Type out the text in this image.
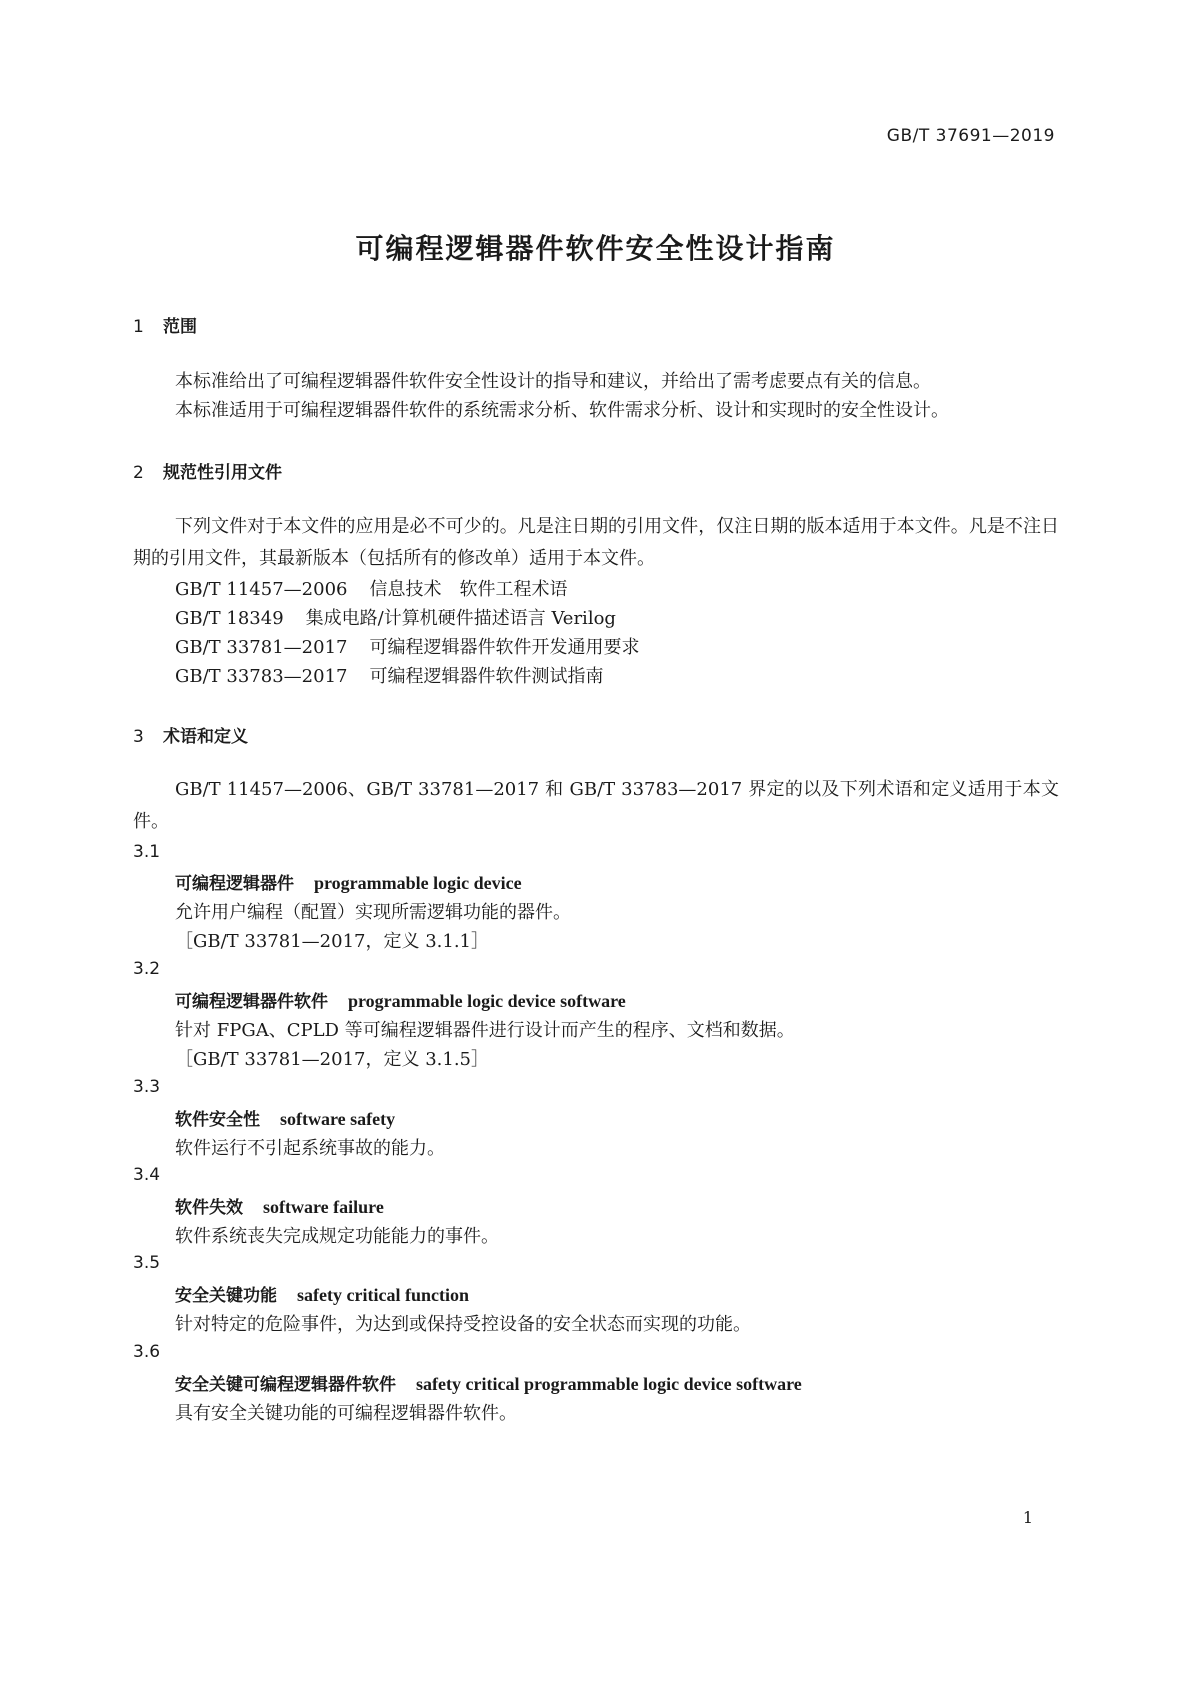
GB/T 37691—2019
可编程逻辑器件软件安全性设计指南
1 范围
本标准给出了可编程逻辑器件软件安全性设计的指导和建议，并给出了需考虑要点有关的信息。
本标准适用于可编程逻辑器件软件的系统需求分析、软件需求分析、设计和实现时的安全性设计。
2 规范性引用文件
下列文件对于本文件的应用是必不可少的。凡是注日期的引用文件，仅注日期的版本适用于本文件。凡是不注日期的引用文件，其最新版本（包括所有的修改单）适用于本文件。
GB/T 11457—2006 信息技术　软件工程术语
GB/T 18349 集成电路/计算机硬件描述语言 Verilog
GB/T 33781—2017 可编程逻辑器件软件开发通用要求
GB/T 33783—2017 可编程逻辑器件软件测试指南
3 术语和定义
GB/T 11457—2006、GB/T 33781—2017 和 GB/T 33783—2017 界定的以及下列术语和定义适用于本文件。
3.1
可编程逻辑器件 programmable logic device
允许用户编程（配置）实现所需逻辑功能的器件。
［GB/T 33781—2017，定义 3.1.1］
3.2
可编程逻辑器件软件 programmable logic device software
针对 FPGA、CPLD 等可编程逻辑器件进行设计而产生的程序、文档和数据。
［GB/T 33781—2017，定义 3.1.5］
3.3
软件安全性 software safety
软件运行不引起系统事故的能力。
3.4
软件失效 software failure
软件系统丧失完成规定功能能力的事件。
3.5
安全关键功能 safety critical function
针对特定的危险事件，为达到或保持受控设备的安全状态而实现的功能。
3.6
安全关键可编程逻辑器件软件 safety critical programmable logic device software
具有安全关键功能的可编程逻辑器件软件。
1
